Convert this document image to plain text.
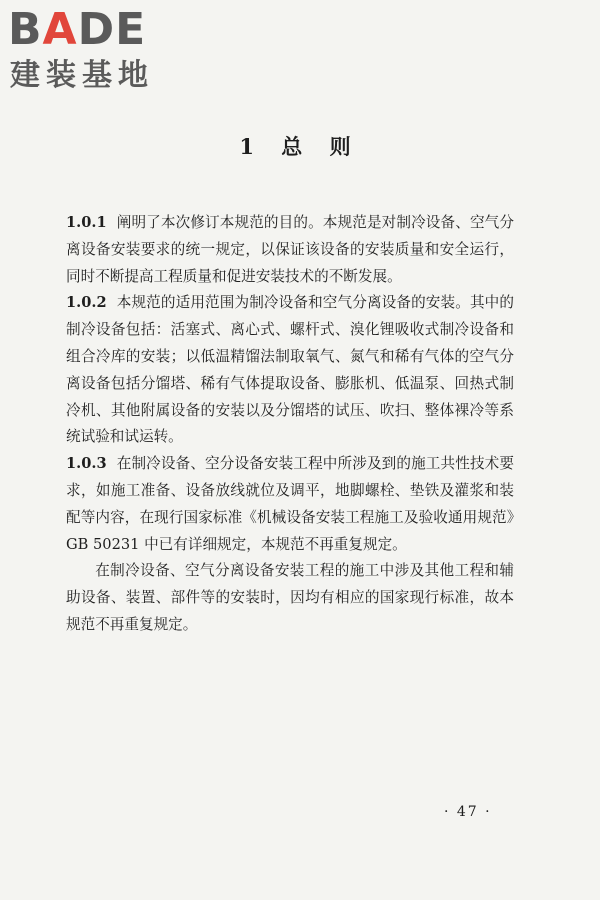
BADE
建装基地
1 总 则

1.0.1 阐明了本次修订本规范的目的。本规范是对制冷设备、空气分离设备安装要求的统一规定，以保证该设备的安装质量和安全运行，同时不断提高工程质量和促进安装技术的不断发展。

1.0.2 本规范的适用范围为制冷设备和空气分离设备的安装。其中的制冷设备包括：活塞式、离心式、螺杆式、溴化锂吸收式制冷设备和组合冷库的安装；以低温精馏法制取氧气、氮气和稀有气体的空气分离设备包括分馏塔、稀有气体提取设备、膨胀机、低温泵、回热式制冷机、其他附属设备的安装以及分馏塔的试压、吹扫、整体裸冷等系统试验和试运转。

1.0.3 在制冷设备、空分设备安装工程中所涉及到的施工共性技术要求，如施工准备、设备放线就位及调平，地脚螺栓、垫铁及灌浆和装配等内容，在现行国家标准《机械设备安装工程施工及验收通用规范》GB 50231 中已有详细规定，本规范不再重复规定。

在制冷设备、空气分离设备安装工程的施工中涉及其他工程和辅助设备、装置、部件等的安装时，因均有相应的国家现行标准，故本规范不再重复规定。

· 47 ·
